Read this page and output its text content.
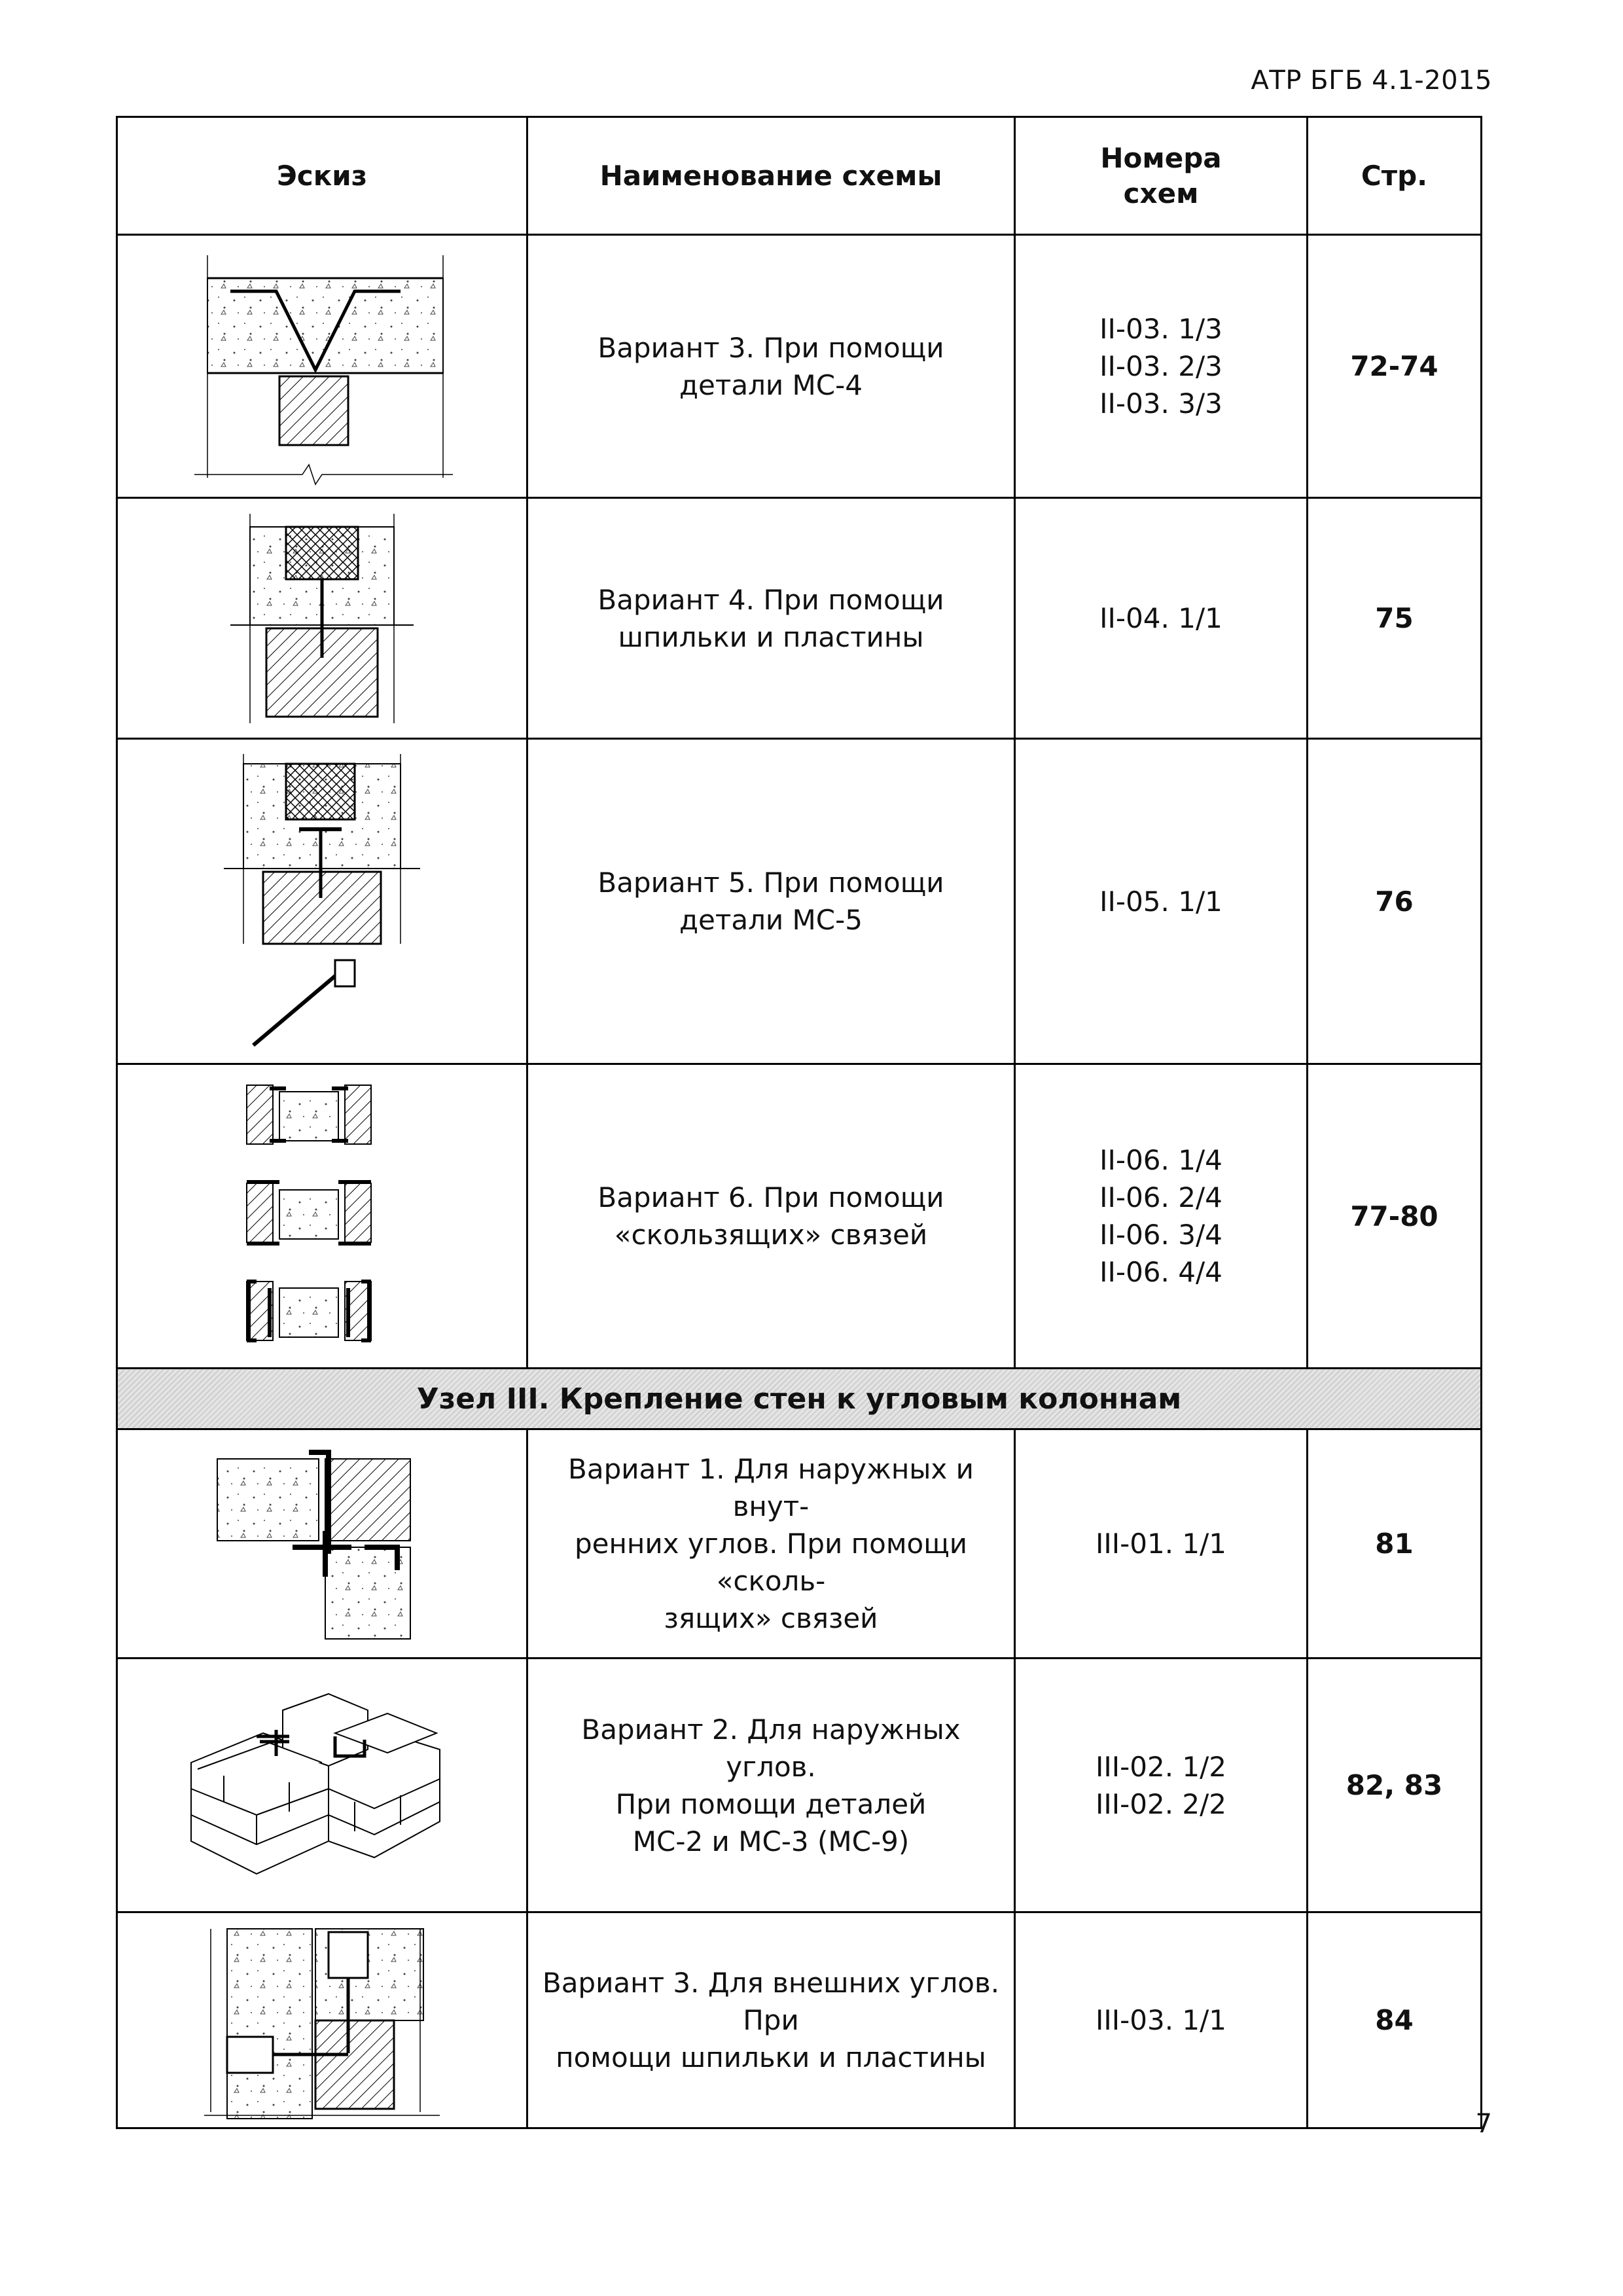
АТР БГБ 4.1-2015
Эскиз	Наименование схемы	Номера схем	Стр.

Вариант 3. При помощи
детали МС-4	II-03. 1/3
II-03. 2/3
II-03. 3/3	72-74

Вариант 4. При помощи
шпильки и пластины	II-04. 1/1	75

Вариант 5. При помощи
детали МС-5	II-05. 1/1	76

Вариант 6. При помощи
«скользящих» связей	II-06. 1/4
II-06. 2/4
II-06. 3/4
II-06. 4/4	77-80
Узел III. Крепление стен к угловым колоннам			

Вариант 1. Для наружных и внут-
ренних углов. При помощи «сколь-
зящих» связей	III-01. 1/1	81

Вариант 2. Для наружных углов.
При помощи деталей
МС-2 и МС-3 (МС-9)	III-02. 1/2
III-02. 2/2	82, 83

Вариант 3. Для внешних углов. При
помощи шпильки и пластины	III-03. 1/1	84
7
